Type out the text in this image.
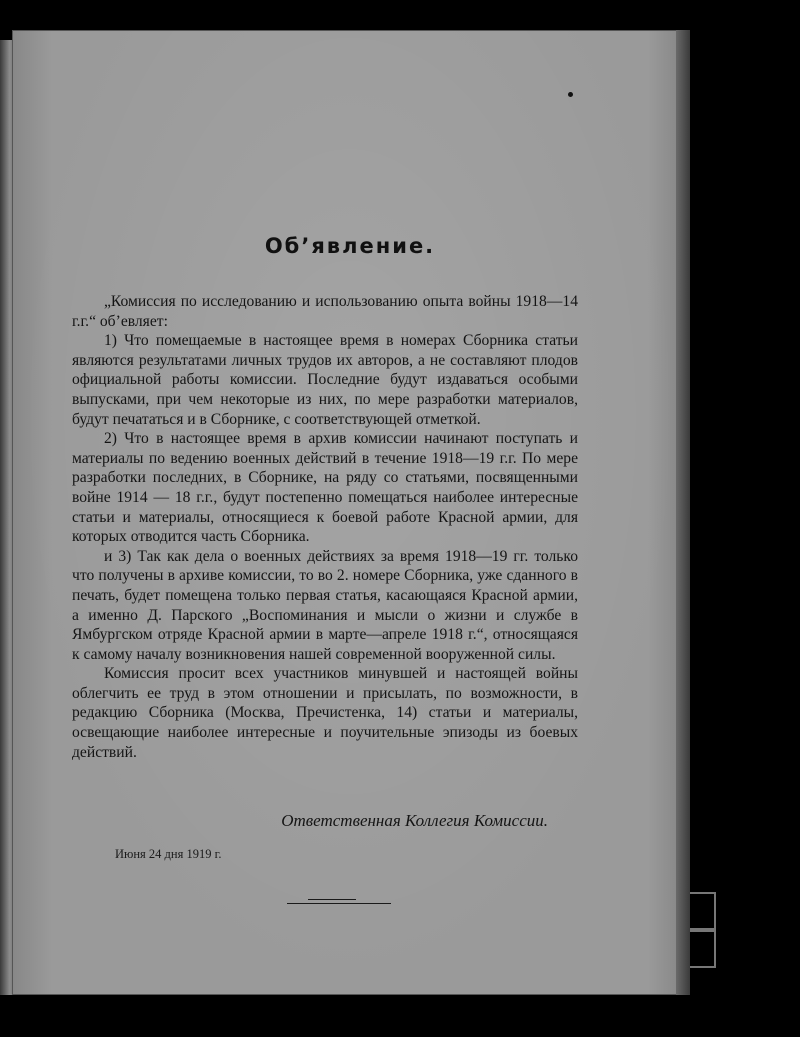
Об’явление.

„Комиссия по исследованию и использованию опыта войны 1918—14 г.г.“ об’евляет:

1) Что помещаемые в настоящее время в номерах Сборника статьи являются результатами личных трудов их авторов, а не составляют плодов официальной работы комиссии. Последние будут издаваться особыми выпусками, при чем некоторые из них, по мере разработки материалов, будут печататься и в Сборнике, с соответствующей отметкой.

2) Что в настоящее время в архив комиссии начинают поступать и материалы по ведению военных действий в течение 1918—19 г.г. По мере разработки последних, в Сборнике, на ряду со статьями, посвященными войне 1914 — 18 г.г., будут постепенно помещаться наиболее интересные статьи и материалы, относящиеся к боевой работе Красной армии, для которых отводится часть Сборника.

и 3) Так как дела о военных действиях за время 1918—19 гг. только что получены в архиве комиссии, то во 2. номере Сборника, уже сданного в печать, будет помещена только первая статья, касающаяся Красной армии, а именно Д. Парского „Воспоминания и мысли о жизни и службе в Ямбургском отряде Красной армии в марте—апреле 1918 г.“, относящаяся к самому началу возникновения нашей современной вооруженной силы.

Комиссия просит всех участников минувшей и настоящей войны облегчить ее труд в этом отношении и присылать, по возможности, в редакцию Сборника (Москва, Пречистенка, 14) статьи и материалы, освещающие наиболее интересные и поучительные эпизоды из боевых действий.

Ответственная Коллегия Комиссии.
Июня 24 дня 1919 г.
